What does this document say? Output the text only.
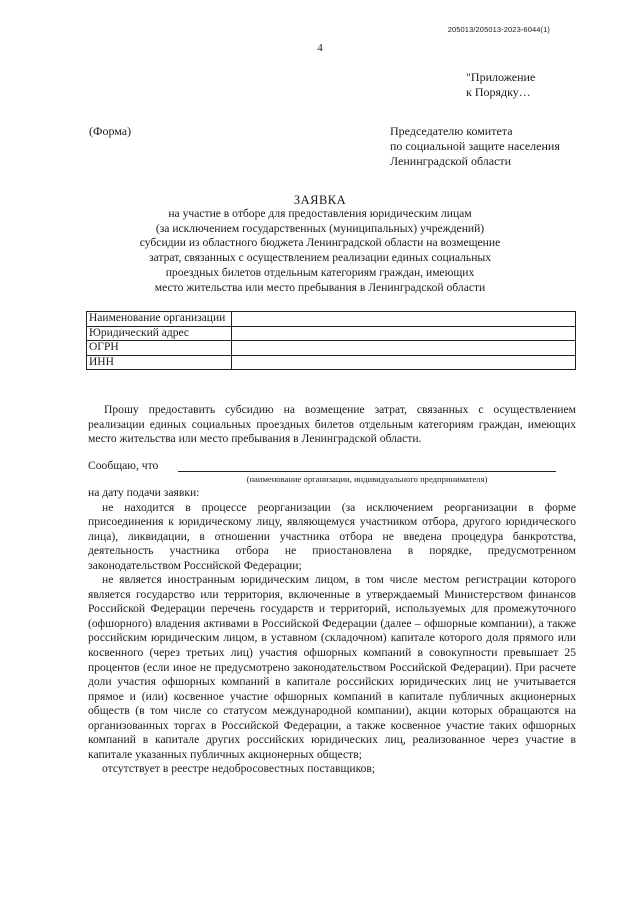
205013/205013-2023-6044(1)
4
"Приложение
к Порядку…
(Форма)	Председателю комитета
по социальной защите населения
Ленинградской области
ЗАЯВКА
на участие в отборе для предоставления юридическим лицам
(за исключением государственных (муниципальных) учреждений)
субсидии из областного бюджета Ленинградской области на возмещение
затрат, связанных с осуществлением реализации единых социальных
проездных билетов отдельным категориям граждан, имеющих
место жительства или место пребывания в Ленинградской области
Наименование организации	
Юридический адрес	
ОГРН	
ИНН	

Прошу предоставить субсидию на возмещение затрат, связанных с осуществлением реализации единых социальных проездных билетов отдельным категориям граждан, имеющих место жительства или место пребывания в Ленинградской области.

Сообщаю, что
(наименование организации, индивидуального предпринимателя)

на дату подачи заявки:

не находится в процессе реорганизации (за исключением реорганизации в форме присоединения к юридическому лицу, являющемуся участником отбора, другого юридического лица), ликвидации, в отношении участника отбора не введена процедура банкротства, деятельность участника отбора не приостановлена в порядке, предусмотренном законодательством Российской Федерации;

не является иностранным юридическим лицом, в том числе местом регистрации которого является государство или территория, включенные в утверждаемый Министерством финансов Российской Федерации перечень государств и территорий, используемых для промежуточного (офшорного) владения активами в Российской Федерации (далее – офшорные компании), а также российским юридическим лицом, в уставном (складочном) капитале которого доля прямого или косвенного (через третьих лиц) участия офшорных компаний в совокупности превышает 25 процентов (если иное не предусмотрено законодательством Российской Федерации). При расчете доли участия офшорных компаний в капитале российских юридических лиц не учитывается прямое и (или) косвенное участие офшорных компаний в капитале публичных акционерных обществ (в том числе со статусом международной компании), акции которых обращаются на организованных торгах в Российской Федерации, а также косвенное участие таких офшорных компаний в капитале других российских юридических лиц, реализованное через участие в капитале указанных публичных акционерных обществ;

отсутствует в реестре недобросовестных поставщиков;
